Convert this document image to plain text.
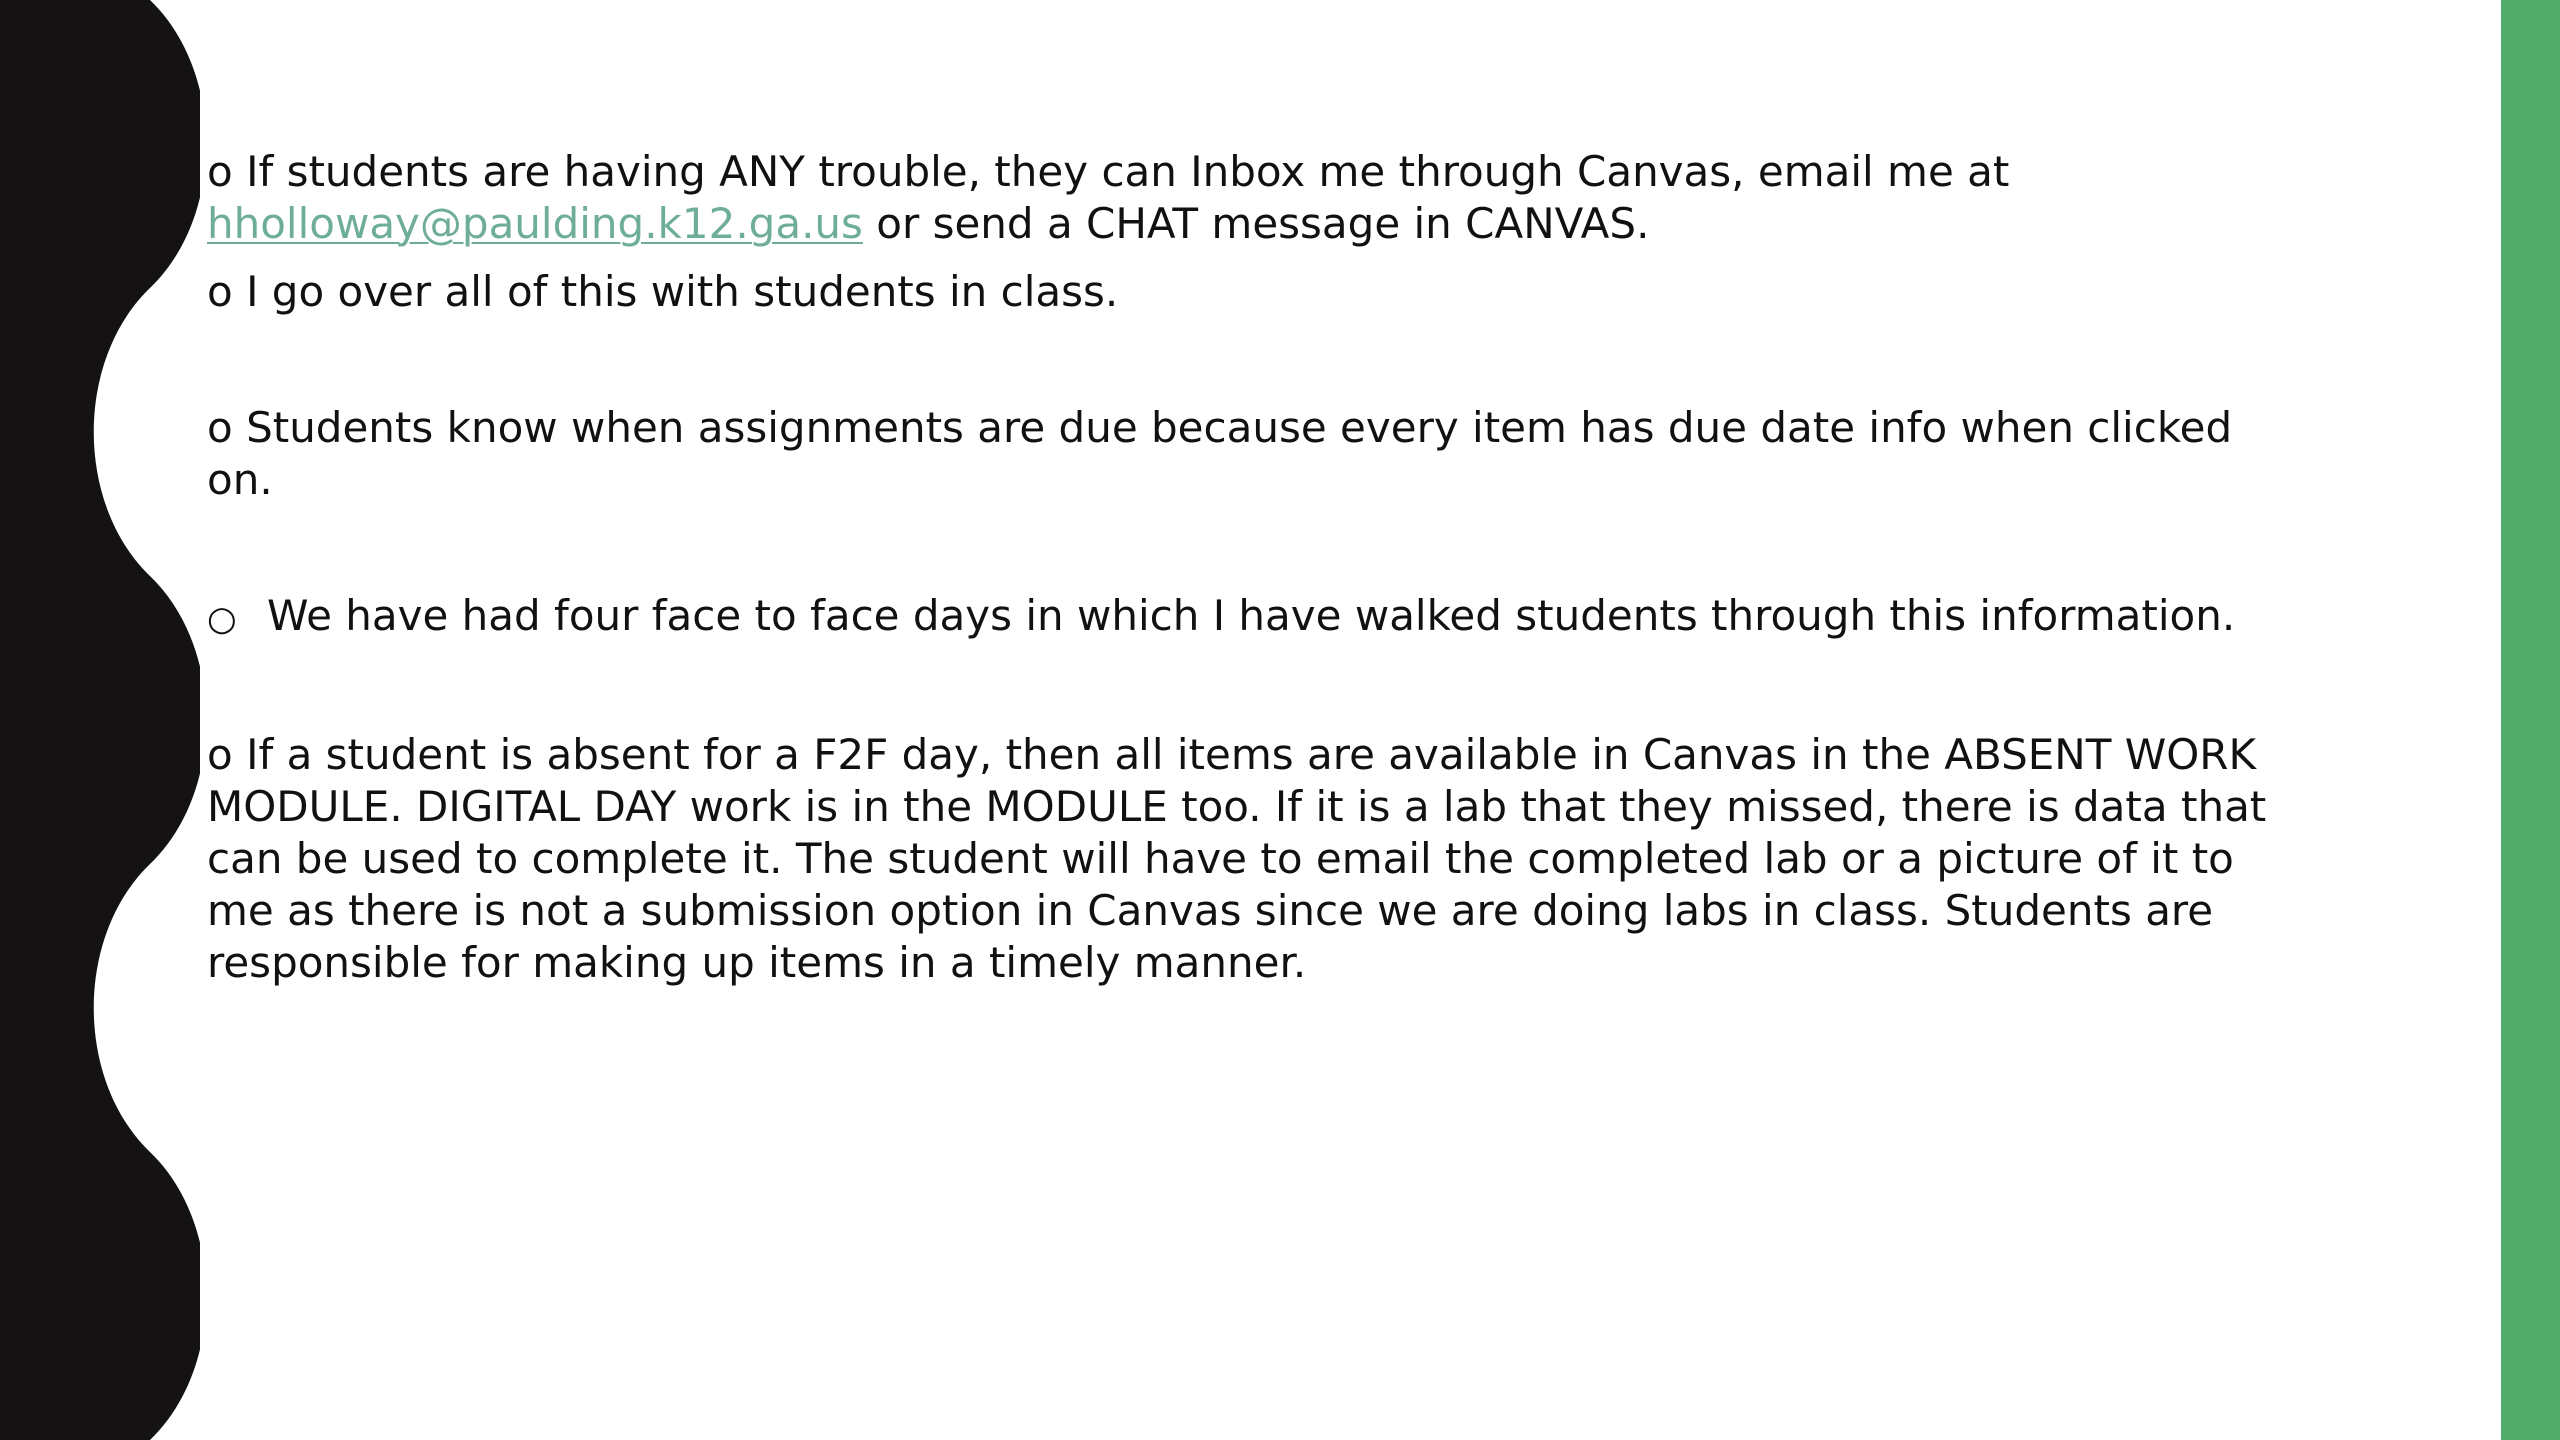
o If students are having ANY trouble, they can Inbox me through Canvas, email me at
hholloway@paulding.k12.ga.us or send a CHAT message in CANVAS.

o I go over all of this with students in class.

o Students know when assignments are due because every item has due date info when clicked on.

○ We have had four face to face days in which I have walked students through this information.

o If a student is absent for a F2F day, then all items are available in Canvas in the ABSENT WORK MODULE. DIGITAL DAY work is in the MODULE too. If it is a lab that they missed, there is data that can be used to complete it. The student will have to email the completed lab or a picture of it to me as there is not a submission option in Canvas since we are doing labs in class. Students are responsible for making up items in a timely manner.
